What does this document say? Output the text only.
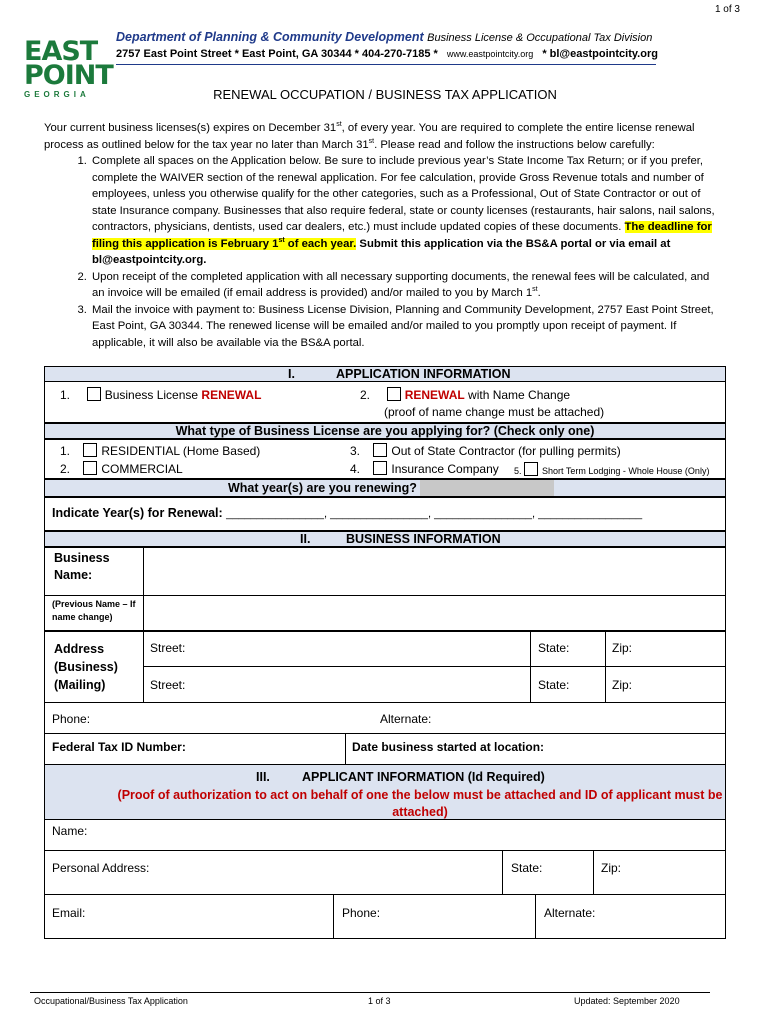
1 of 3
EAST
POINT
GEORGIA
Department of Planning & Community Development Business License & Occupational Tax Division
2757 East Point Street * East Point, GA 30344 * 404-270-7185 * www.eastpointcity.org * bl@eastpointcity.org
RENEWAL OCCUPATION / BUSINESS TAX APPLICATION

Your current business licenses(s) expires on December 31st, of every year. You are required to complete the entire license renewal process as outlined below for the tax year no later than March 31st. Please read and follow the instructions below carefully:

1. Complete all spaces on the Application below. Be sure to include previous year’s State Income Tax Return; or if you prefer, complete the WAIVER section of the renewal application. For fee calculation, provide Gross Revenue totals and number of employees, unless you otherwise qualify for the other categories, such as a Professional, Out of State Contractor or out of state Insurance company. Businesses that also require federal, state or county licenses (restaurants, hair salons, nail salons, contractors, physicians, dentists, used car dealers, etc.) must include updated copies of these documents. The deadline for filing this application is February 1st of each year. Submit this application via the BS&A portal or via email at bl@eastpointcity.org.
2. Upon receipt of the completed application with all necessary supporting documents, the renewal fees will be calculated, and an invoice will be emailed (if email address is provided) and/or mailed to you by March 1st.
3. Mail the invoice with payment to: Business License Division, Planning and Community Development, 2757 East Point Street, East Point, GA 30344. The renewed license will be emailed and/or mailed to you promptly upon receipt of payment. If applicable, it will also be available via the BS&A portal.
I.	APPLICATION INFORMATION
1.	Business License RENEWAL	2.	RENEWAL with Name Change
(proof of name change must be attached)
What type of Business License are you applying for? (Check only one)
1.	RESIDENTIAL (Home Based)
2.	COMMERCIAL
3.	Out of State Contractor (for pulling permits)
4.	Insurance Company 5. Short Term Lodging - Whole House (Only)
What year(s) are you renewing?
Indicate Year(s) for Renewal: ________________, ________________, ________________, _________________
II.	BUSINESS INFORMATION
Business Name:
(Previous Name – If name change)
Address
(Business)
(Mailing)
Street:	State:	Zip:
Street:	State:	Zip:
Phone:	Alternate:
Federal Tax ID Number:	Date business started at location:
III.	APPLICANT INFORMATION (Id Required)
(Proof of authorization to act on behalf of one the below must be attached and ID of applicant must be attached)
Name:
Personal Address:	State:	Zip:
Email:	Phone:	Alternate:
Occupational/Business Tax Application	1 of 3	Updated: September 2020
